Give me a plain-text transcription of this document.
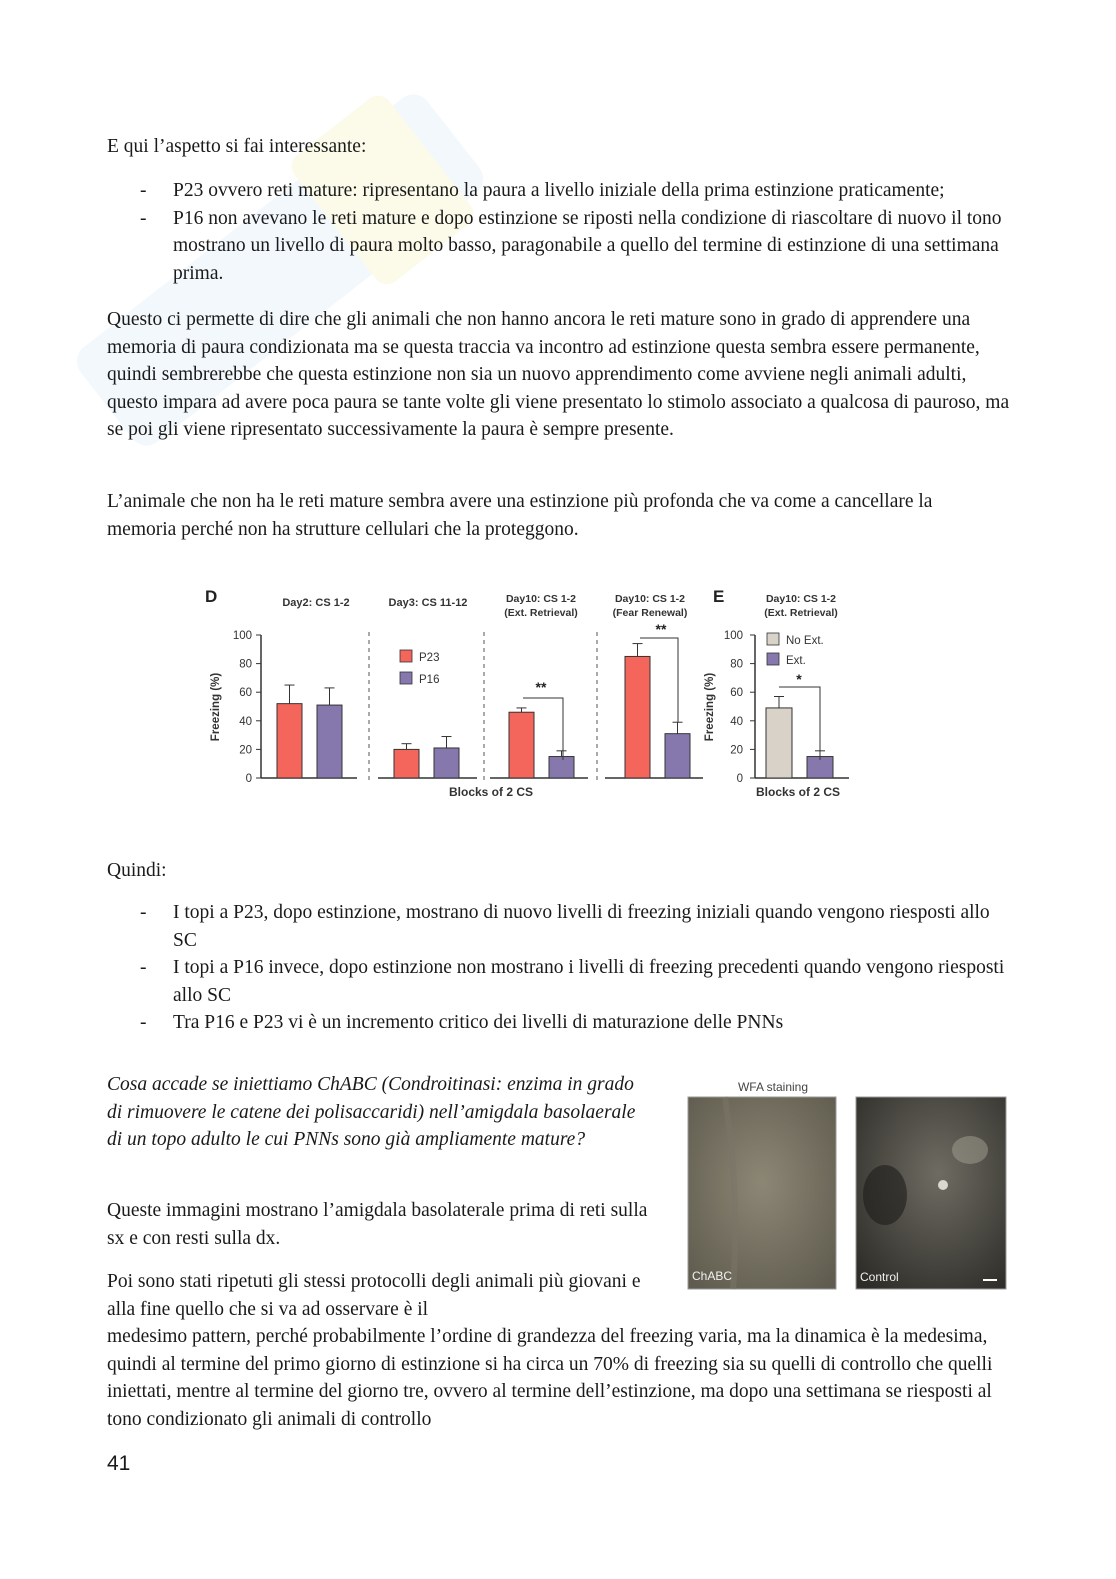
E qui l’aspetto si fai interessante:

- P23 ovvero reti mature: ripresentano la paura a livello iniziale della prima estinzione praticamente;
- P16 non avevano le reti mature e dopo estinzione se riposti nella condizione di riascoltare di nuovo il tono mostrano un livello di paura molto basso, paragonabile a quello del termine di estinzione di una settimana prima.

Questo ci permette di dire che gli animali che non hanno ancora le reti mature sono in grado di apprendere una memoria di paura condizionata ma se questa traccia va incontro ad estinzione questa sembra essere permanente, quindi sembrerebbe che questa estinzione non sia un nuovo apprendimento come avviene negli animali adulti, questo impara ad avere poca paura se tante volte gli viene presentato lo stimolo associato a qualcosa di pauroso, ma se poi gli viene ripresentato successivamente la paura è sempre presente.

L’animale che non ha le reti mature sembra avere una estinzione più profonda che va come a cancellare la memoria perché non ha strutture cellulari che la proteggono.

D	E
Day2: CS 1-2	Day3: CS 11-12	Day10: CS 1-2
(Ext. Retrieval)
Day10: CS 1-2
(Fear Renewal)
Day10: CS 1-2
(Ext. Retrieval)
100
80
60
40
20
0
Freezing (%)
P23
P16	**
**
Blocks of 2 CS
100
80
60
40
20
0
Freezing (%)
No Ext.
Ext.
*
Blocks of 2 CS

Quindi:

- I topi a P23, dopo estinzione, mostrano di nuovo livelli di freezing iniziali quando vengono riesposti allo SC
- I topi a P16 invece, dopo estinzione non mostrano i livelli di freezing precedenti quando vengono riesposti allo SC
- Tra P16 e P23 vi è un incremento critico dei livelli di maturazione delle PNNs

Cosa accade se iniettiamo ChABC (Condroitinasi: enzima in grado di rimuovere le catene dei polisaccaridi) nell’amigdala basolaerale di un topo adulto le cui PNNs sono già ampliamente mature?

Queste immagini mostrano l’amigdala basolaterale prima di reti sulla sx e con resti sulla dx.

Poi sono stati ripetuti gli stessi protocolli degli animali più giovani e alla fine quello che si va ad osservare è il

medesimo pattern, perché probabilmente l’ordine di grandezza del freezing varia, ma la dinamica è la medesima, quindi al termine del primo giorno di estinzione si ha circa un 70% di freezing sia su quelli di controllo che quelli iniettati, mentre al termine del giorno tre, ovvero al termine dell’estinzione, ma dopo una settimana se riesposti al tono condizionato gli animali di controllo

WFA staining
ChABC	Control
41
